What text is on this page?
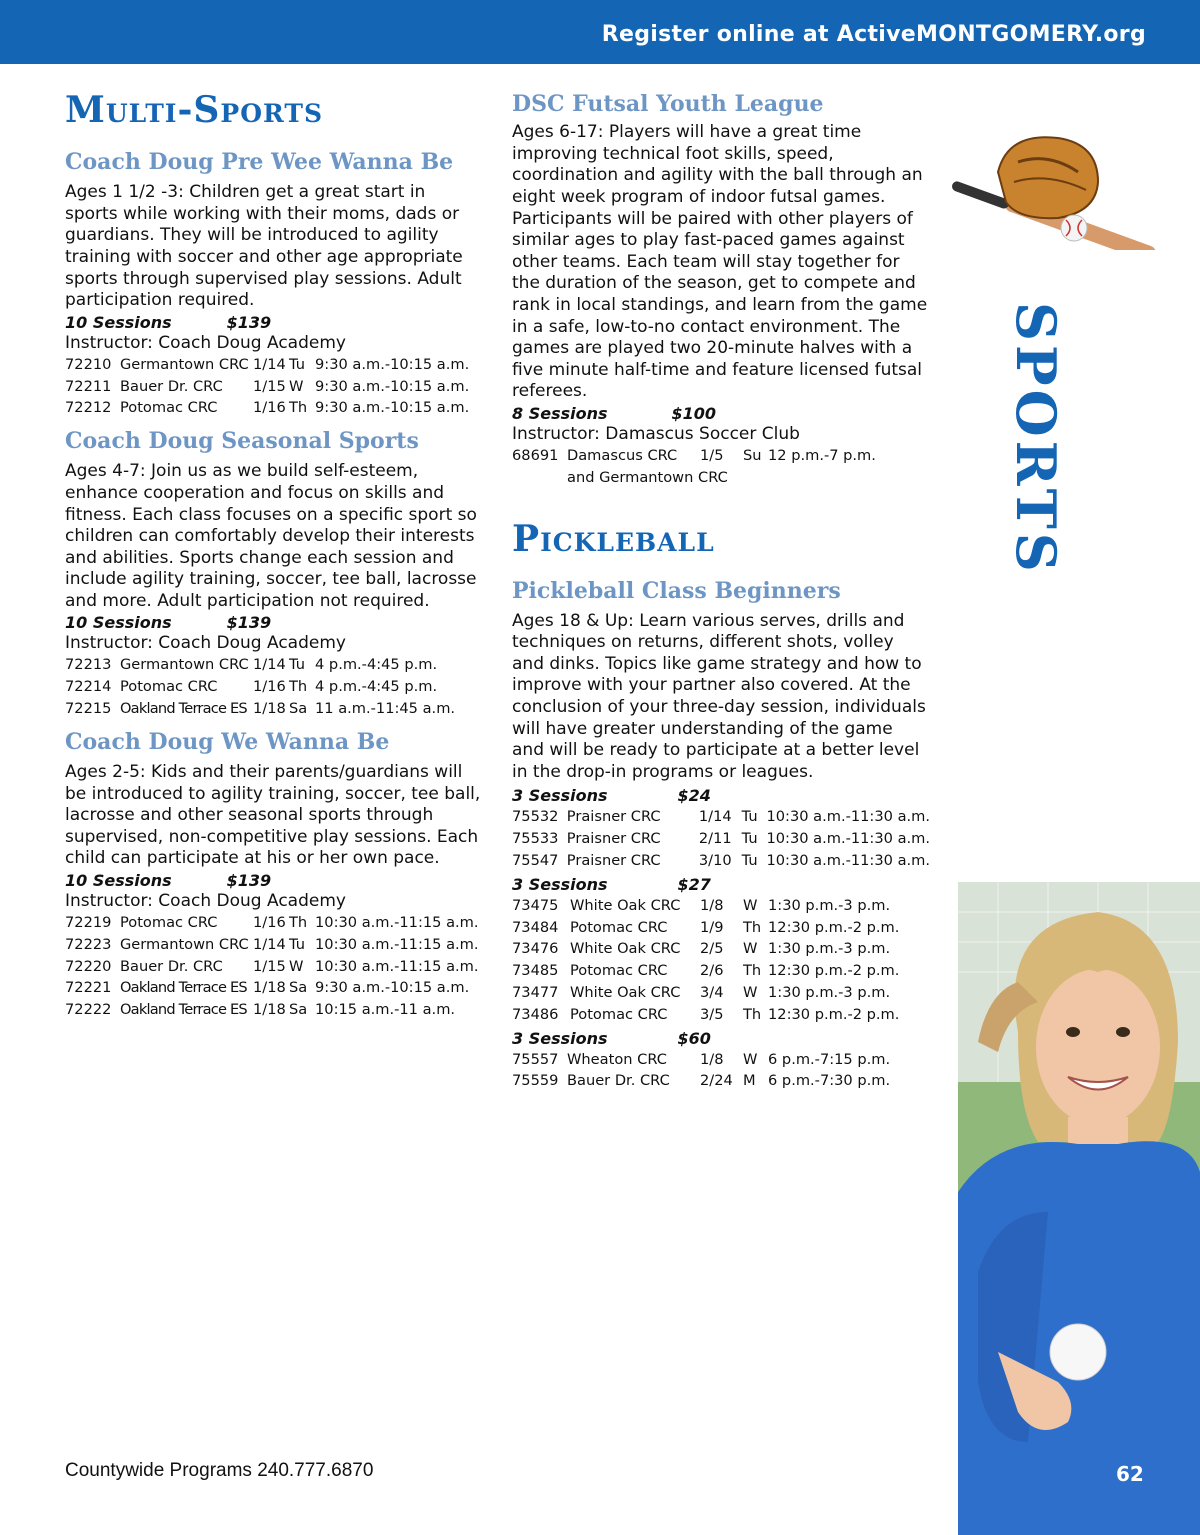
Register online at ActiveMONTGOMERY.org
Multi-Sports
Coach Doug Pre Wee Wanna Be

Ages 1 1/2 -3: Children get a great start in sports while working with their moms, dads or guardians. They will be introduced to agility training with soccer and other age appropriate sports through supervised play sessions. Adult participation required.

10 Sessions	$139
Instructor: Coach Doug Academy
72210	Germantown CRC	1/14	Tu	9:30 a.m.-10:15 a.m.
72211	Bauer Dr. CRC	1/15	W	9:30 a.m.-10:15 a.m.
72212	Potomac CRC	1/16	Th	9:30 a.m.-10:15 a.m.
Coach Doug Seasonal Sports

Ages 4-7: Join us as we build self-esteem, enhance cooperation and focus on skills and fitness. Each class focuses on a specific sport so children can comfortably develop their interests and abilities. Sports change each session and include agility training, soccer, tee ball, lacrosse and more. Adult participation not required.

10 Sessions	$139
Instructor: Coach Doug Academy
72213	Germantown CRC	1/14	Tu	4 p.m.-4:45 p.m.
72214	Potomac CRC	1/16	Th	4 p.m.-4:45 p.m.
72215	Oakland Terrace ES	1/18	Sa	11 a.m.-11:45 a.m.
Coach Doug We Wanna Be

Ages 2-5: Kids and their parents/guardians will be introduced to agility training, soccer, tee ball, lacrosse and other seasonal sports through supervised, non-competitive play sessions. Each child can participate at his or her own pace.

10 Sessions	$139
Instructor: Coach Doug Academy
72219	Potomac CRC	1/16	Th	10:30 a.m.-11:15 a.m.
72223	Germantown CRC	1/14	Tu	10:30 a.m.-11:15 a.m.
72220	Bauer Dr. CRC	1/15	W	10:30 a.m.-11:15 a.m.
72221	Oakland Terrace ES	1/18	Sa	9:30 a.m.-10:15 a.m.
72222	Oakland Terrace ES	1/18	Sa	10:15 a.m.-11 a.m.
DSC Futsal Youth League

Ages 6-17: Players will have a great time improving technical foot skills, speed, coordination and agility with the ball through an eight week program of indoor futsal games. Participants will be paired with other players of similar ages to play fast-paced games against other teams. Each team will stay together for the duration of the season, get to compete and rank in local standings, and learn from the game in a safe, low-to-no contact environment. The games are played two 20-minute halves with a five minute half-time and feature licensed futsal referees.

8 Sessions	$100
Instructor: Damascus Soccer Club
68691	Damascus CRC	1/5	Su	12 p.m.-7 p.m.
	and Germantown CRC			
Pickleball
Pickleball Class Beginners

Ages 18 & Up: Learn various serves, drills and techniques on returns, different shots, volley and dinks. Topics like game strategy and how to improve with your partner also covered. At the conclusion of your three-day session, individuals will have greater understanding of the game and will be ready to participate at a better level in the drop-in programs or leagues.

3 Sessions	$24
75532	Praisner CRC	1/14	Tu	10:30 a.m.-11:30 a.m.
75533	Praisner CRC	2/11	Tu	10:30 a.m.-11:30 a.m.
75547	Praisner CRC	3/10	Tu	10:30 a.m.-11:30 a.m.
3 Sessions	$27
73475	White Oak CRC	1/8	W	1:30 p.m.-3 p.m.
73484	Potomac CRC	1/9	Th	12:30 p.m.-2 p.m.
73476	White Oak CRC	2/5	W	1:30 p.m.-3 p.m.
73485	Potomac CRC	2/6	Th	12:30 p.m.-2 p.m.
73477	White Oak CRC	3/4	W	1:30 p.m.-3 p.m.
73486	Potomac CRC	3/5	Th	12:30 p.m.-2 p.m.
3 Sessions	$60
75557	Wheaton CRC	1/8	W	6 p.m.-7:15 p.m.
75559	Bauer Dr. CRC	2/24	M	6 p.m.-7:30 p.m.
SPORTS
Countywide Programs 240.777.6870	62
